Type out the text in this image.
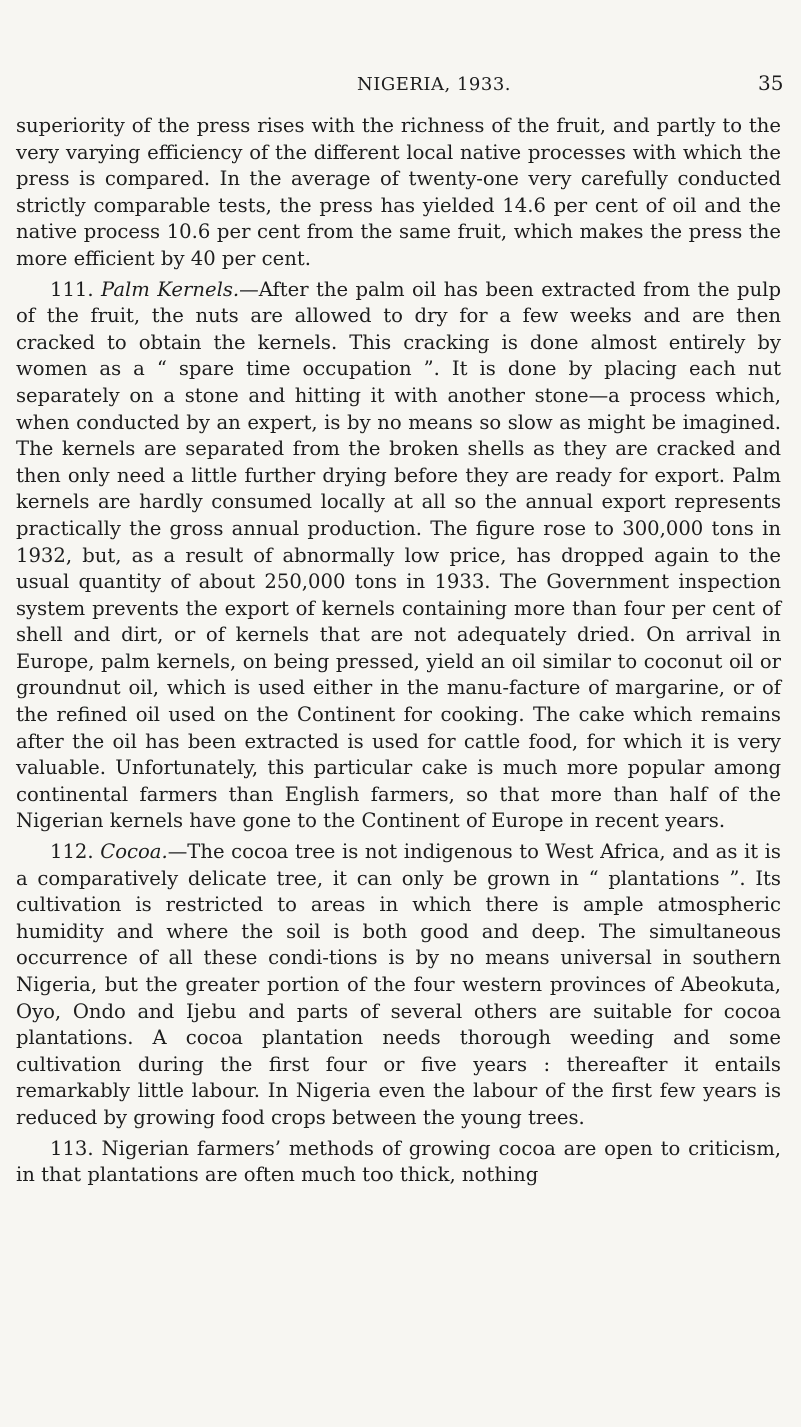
NIGERIA, 1933.	35

superiority of the press rises with the richness of the fruit, and partly to the very varying efficiency of the different local native processes with which the press is compared. In the average of twenty-one very carefully conducted strictly comparable tests, the press has yielded 14.6 per cent of oil and the native process 10.6 per cent from the same fruit, which makes the press the more efficient by 40 per cent.

111. Palm Kernels.—After the palm oil has been extracted from the pulp of the fruit, the nuts are allowed to dry for a few weeks and are then cracked to obtain the kernels. This cracking is done almost entirely by women as a “ spare time occupation ”. It is done by placing each nut separately on a stone and hitting it with another stone—a process which, when conducted by an expert, is by no means so slow as might be imagined. The kernels are separated from the broken shells as they are cracked and then only need a little further drying before they are ready for export. Palm kernels are hardly consumed locally at all so the annual export represents practically the gross annual production. The figure rose to 300,000 tons in 1932, but, as a result of abnormally low price, has dropped again to the usual quantity of about 250,000 tons in 1933. The Government inspection system prevents the export of kernels containing more than four per cent of shell and dirt, or of kernels that are not adequately dried. On arrival in Europe, palm kernels, on being pressed, yield an oil similar to coconut oil or groundnut oil, which is used either in the manu-facture of margarine, or of the refined oil used on the Continent for cooking. The cake which remains after the oil has been extracted is used for cattle food, for which it is very valuable. Unfortunately, this particular cake is much more popular among continental farmers than English farmers, so that more than half of the Nigerian kernels have gone to the Continent of Europe in recent years.

112. Cocoa.—The cocoa tree is not indigenous to West Africa, and as it is a comparatively delicate tree, it can only be grown in “ plantations ”. Its cultivation is restricted to areas in which there is ample atmospheric humidity and where the soil is both good and deep. The simultaneous occurrence of all these condi-tions is by no means universal in southern Nigeria, but the greater portion of the four western provinces of Abeokuta, Oyo, Ondo and Ijebu and parts of several others are suitable for cocoa plantations. A cocoa plantation needs thorough weeding and some cultivation during the first four or five years : thereafter it entails remarkably little labour. In Nigeria even the labour of the first few years is reduced by growing food crops between the young trees.

113. Nigerian farmers’ methods of growing cocoa are open to criticism, in that plantations are often much too thick, nothing
